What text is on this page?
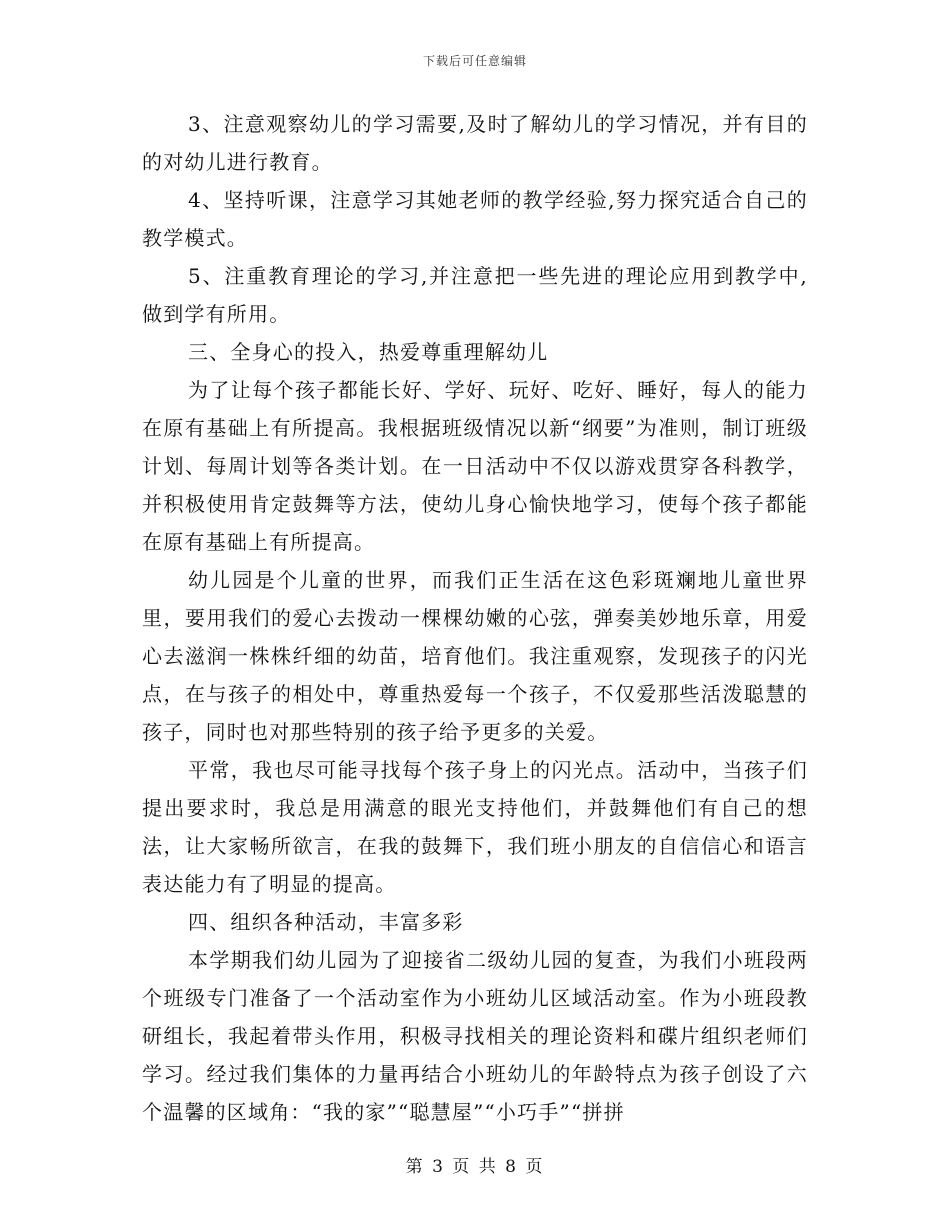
下载后可任意编辑

3、注意观察幼儿的学习需要,及时了解幼儿的学习情况，并有目的的对幼儿进行教育。

4、坚持听课，注意学习其她老师的教学经验,努力探究适合自己的教学模式。

5、注重教育理论的学习,并注意把一些先进的理论应用到教学中,做到学有所用。

三、全身心的投入，热爱尊重理解幼儿

为了让每个孩子都能长好、学好、玩好、吃好、睡好，每人的能力在原有基础上有所提高。我根据班级情况以新“纲要”为准则，制订班级计划、每周计划等各类计划。在一日活动中不仅以游戏贯穿各科教学，并积极使用肯定鼓舞等方法，使幼儿身心愉快地学习，使每个孩子都能在原有基础上有所提高。

幼儿园是个儿童的世界，而我们正生活在这色彩斑斓地儿童世界里，要用我们的爱心去拨动一棵棵幼嫩的心弦，弹奏美妙地乐章，用爱心去滋润一株株纤细的幼苗，培育他们。我注重观察，发现孩子的闪光点，在与孩子的相处中，尊重热爱每一个孩子，不仅爱那些活泼聪慧的孩子，同时也对那些特别的孩子给予更多的关爱。

平常，我也尽可能寻找每个孩子身上的闪光点。活动中，当孩子们提出要求时，我总是用满意的眼光支持他们，并鼓舞他们有自己的想法，让大家畅所欲言，在我的鼓舞下，我们班小朋友的自信信心和语言表达能力有了明显的提高。

四、组织各种活动，丰富多彩

本学期我们幼儿园为了迎接省二级幼儿园的复查，为我们小班段两个班级专门准备了一个活动室作为小班幼儿区域活动室。作为小班段教研组长，我起着带头作用，积极寻找相关的理论资料和碟片组织老师们学习。经过我们集体的力量再结合小班幼儿的年龄特点为孩子创设了六个温馨的区域角：“我的家”“聪慧屋”“小巧手”“拼拼

第 3 页 共 8 页
